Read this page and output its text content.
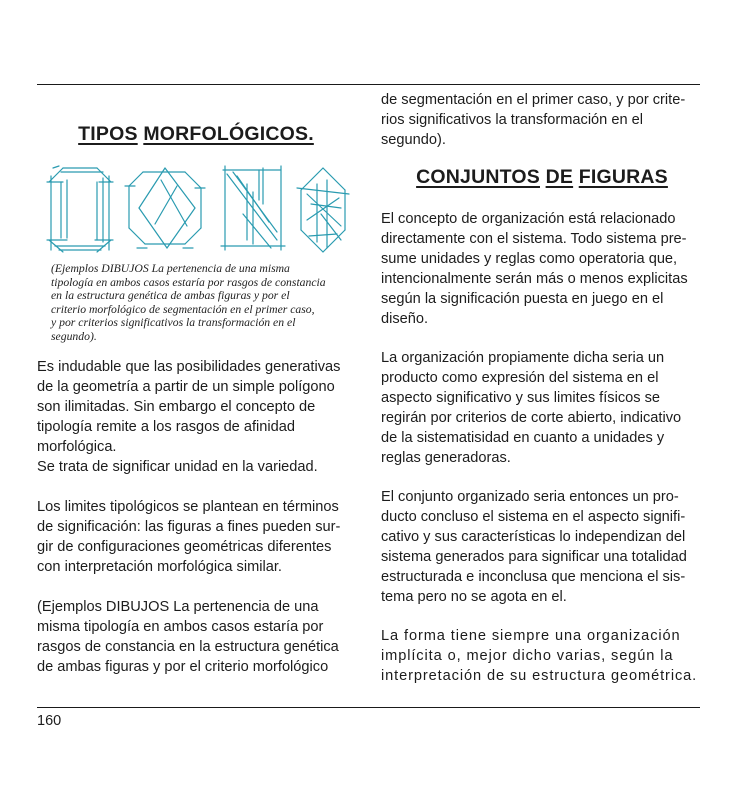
TIPOS MORFOLÓGICOS.

(Ejemplos DIBUJOS La pertenencia de una misma
tipología en ambos casos estaría por rasgos de constancia
en la estructura genética de ambas figuras y por el
criterio morfológico de segmentación en el primer caso,
y por criterios significativos la transformación en el
segundo).

Es indudable que las posibilidades generativas
de la geometría a partir de un simple polígono
son ilimitadas. Sin embargo el concepto de
tipología remite a los rasgos de afinidad
morfológica.
Se trata de significar unidad en la variedad.

Los limites tipológicos se plantean en términos
de significación: las figuras a fines pueden sur-
gir de configuraciones geométricas diferentes
con interpretación morfológica similar.

(Ejemplos DIBUJOS La pertenencia de una
misma tipología en ambos casos estaría por
rasgos de constancia en la estructura genética
de ambas figuras y por el criterio morfológico

de segmentación en el primer caso, y por crite-
rios significativos la transformación en el
segundo).

CONJUNTOS DE FIGURAS

El concepto de organización está relacionado
directamente con el sistema. Todo sistema pre-
sume unidades y reglas como operatoria que,
intencionalmente serán más o menos explicitas
según la significación puesta en juego en el
diseño.

La organización propiamente dicha seria un
producto como expresión del sistema en el
aspecto significativo y sus limites físicos se
regirán por criterios de corte abierto, indicativo
de la sistematisidad en cuanto a unidades y
reglas generadoras.

El conjunto organizado seria entonces un pro-
ducto concluso el sistema en el aspecto signifi-
cativo y sus características lo independizan del
sistema generados para significar una totalidad
estructurada e inconclusa que menciona el sis-
tema pero no se agota en el.

La forma tiene siempre una organización
implícita o, mejor dicho varias, según la
interpretación de su estructura geométrica.

160
